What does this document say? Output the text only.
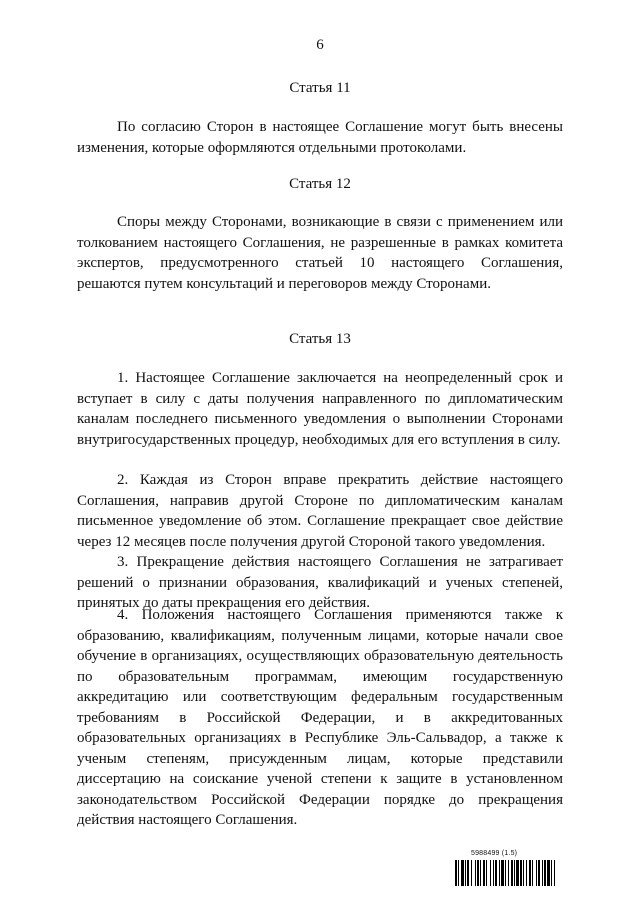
6
Статья 11

По согласию Сторон в настоящее Соглашение могут быть внесены изменения, которые оформляются отдельными протоколами.

Статья 12

Споры между Сторонами, возникающие в связи с применением или толкованием настоящего Соглашения, не разрешенные в рамках комитета экспертов, предусмотренного статьей 10 настоящего Соглашения, решаются путем консультаций и переговоров между Сторонами.

Статья 13

1. Настоящее Соглашение заключается на неопределенный срок и вступает в силу с даты получения направленного по дипломатическим каналам последнего письменного уведомления о выполнении Сторонами внутригосударственных процедур, необходимых для его вступления в силу.

2. Каждая из Сторон вправе прекратить действие настоящего Соглашения, направив другой Стороне по дипломатическим каналам письменное уведомление об этом. Соглашение прекращает свое действие через 12 месяцев после получения другой Стороной такого уведомления.

3. Прекращение действия настоящего Соглашения не затрагивает решений о признании образования, квалификаций и ученых степеней, принятых до даты прекращения его действия.

4. Положения настоящего Соглашения применяются также к образованию, квалификациям, полученным лицами, которые начали свое обучение в организациях, осуществляющих образовательную деятельность по образовательным программам, имеющим государственную аккредитацию или соответствующим федеральным государственным требованиям в Российской Федерации, и в аккредитованных образовательных организациях в Республике Эль-Сальвадор, а также к ученым степеням, присужденным лицам, которые представили диссертацию на соискание ученой степени к защите в установленном законодательством Российской Федерации порядке до прекращения действия настоящего Соглашения.

5988499 (1.5)
